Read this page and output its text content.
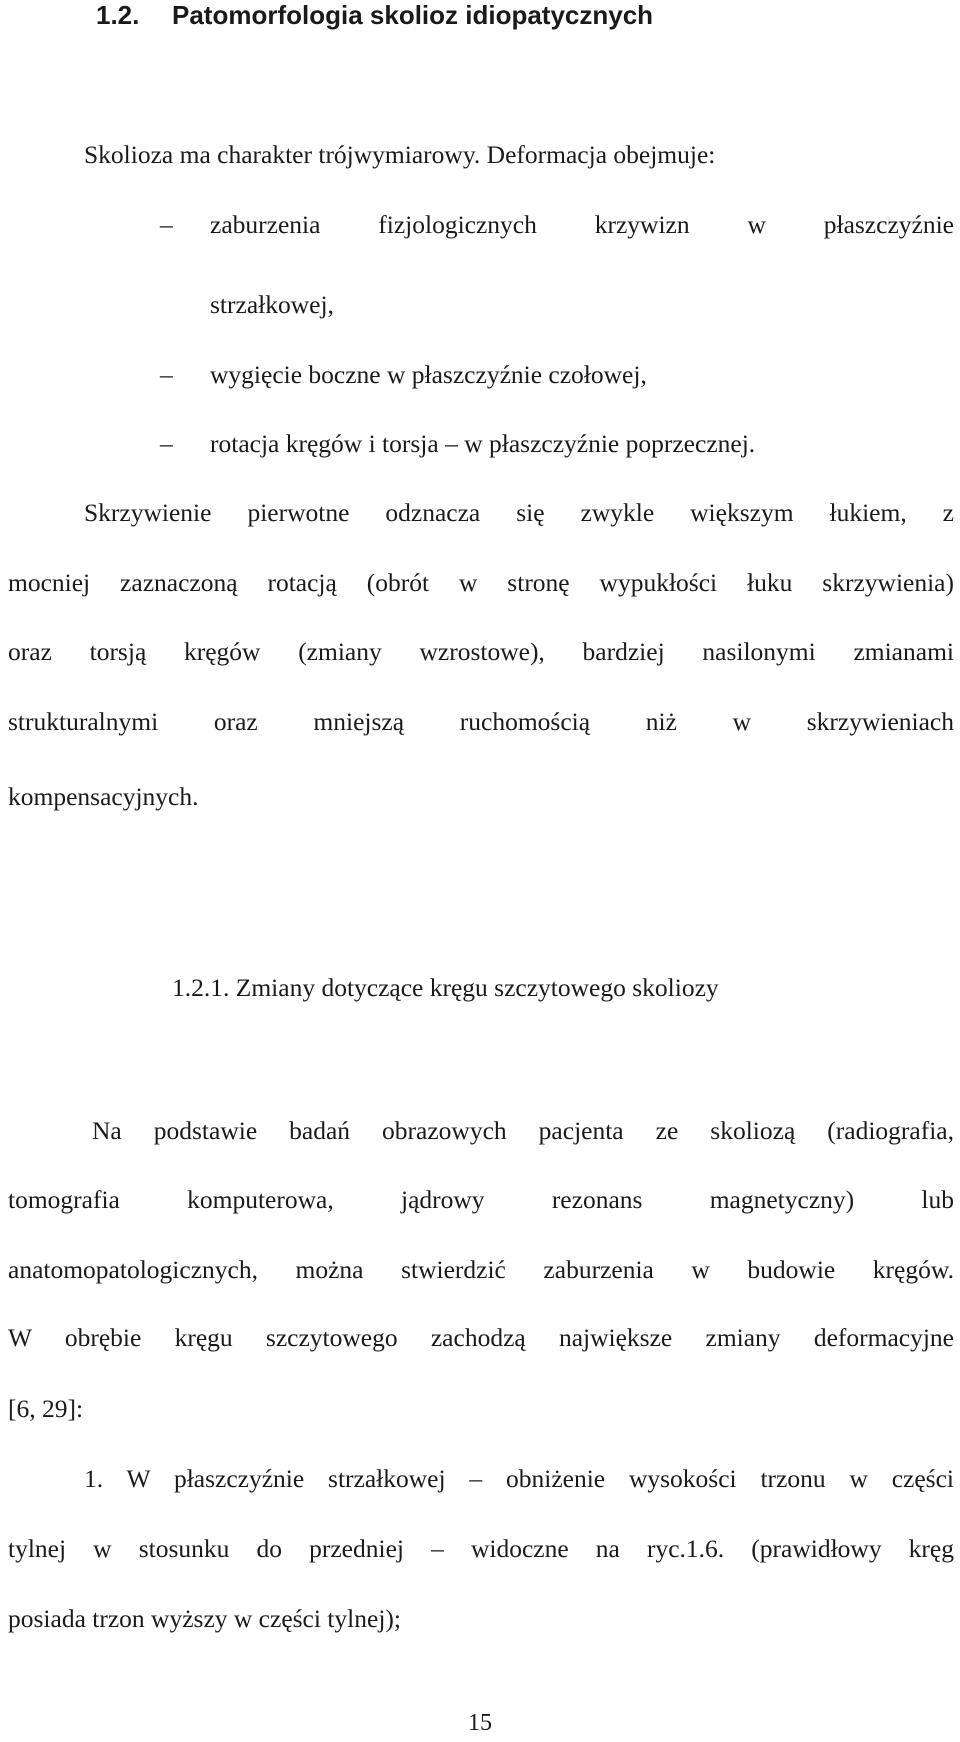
1.2. Patomorfologia skolioz idiopatycznych
Skolioza ma charakter trójwymiarowy. Deformacja obejmuje:
– zaburzenia fizjologicznych krzywizn w płaszczyźnie
strzałkowej,
– wygięcie boczne w płaszczyźnie czołowej,
– rotacja kręgów i torsja – w płaszczyźnie poprzecznej.
Skrzywienie pierwotne odznacza się zwykle większym łukiem, z
mocniej zaznaczoną rotacją (obrót w stronę wypukłości łuku skrzywienia)
oraz torsją kręgów (zmiany wzrostowe), bardziej nasilonymi zmianami
strukturalnymi oraz mniejszą ruchomością niż w skrzywieniach
kompensacyjnych.
1.2.1. Zmiany dotyczące kręgu szczytowego skoliozy
Na podstawie badań obrazowych pacjenta ze skoliozą (radiografia,
tomografia komputerowa, jądrowy rezonans magnetyczny) lub
anatomopatologicznych, można stwierdzić zaburzenia w budowie kręgów.
W obrębie kręgu szczytowego zachodzą największe zmiany deformacyjne
[6, 29]:
1. W płaszczyźnie strzałkowej – obniżenie wysokości trzonu w części
tylnej w stosunku do przedniej – widoczne na ryc.1.6. (prawidłowy kręg
posiada trzon wyższy w części tylnej);
15
